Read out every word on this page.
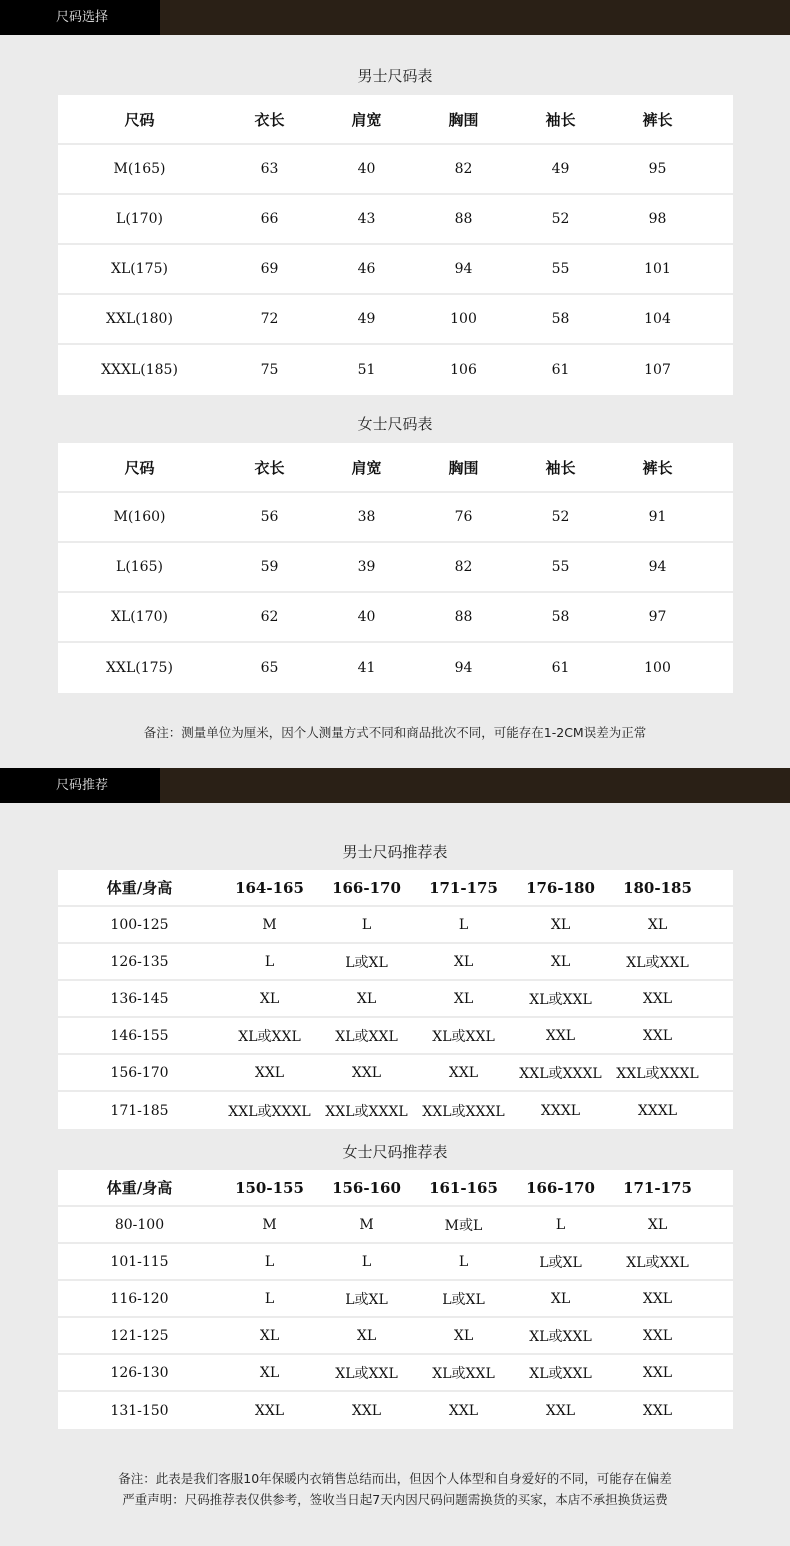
尺码选择
男士尺码表
尺码	衣长	肩宽	胸围	袖长	裤长
M(165)	63	40	82	49	95
L(170)	66	43	88	52	98
XL(175)	69	46	94	55	101
XXL(180)	72	49	100	58	104
XXXL(185)	75	51	106	61	107
女士尺码表
尺码	衣长	肩宽	胸围	袖长	裤长
M(160)	56	38	76	52	91
L(165)	59	39	82	55	94
XL(170)	62	40	88	58	97
XXL(175)	65	41	94	61	100
备注：测量单位为厘米，因个人测量方式不同和商品批次不同，可能存在1-2CM误差为正常
尺码推荐
男士尺码推荐表
体重/身高	164-165	166-170	171-175	176-180	180-185
100-125	M	L	L	XL	XL
126-135	L	L或XL	XL	XL	XL或XXL
136-145	XL	XL	XL	XL或XXL	XXL
146-155	XL或XXL	XL或XXL	XL或XXL	XXL	XXL
156-170	XXL	XXL	XXL	XXL或XXXL	XXL或XXXL
171-185	XXL或XXXL	XXL或XXXL	XXL或XXXL	XXXL	XXXL
女士尺码推荐表
体重/身高	150-155	156-160	161-165	166-170	171-175
80-100	M	M	M或L	L	XL
101-115	L	L	L	L或XL	XL或XXL
116-120	L	L或XL	L或XL	XL	XXL
121-125	XL	XL	XL	XL或XXL	XXL
126-130	XL	XL或XXL	XL或XXL	XL或XXL	XXL
131-150	XXL	XXL	XXL	XXL	XXL
备注：此表是我们客服10年保暖内衣销售总结而出，但因个人体型和自身爱好的不同，可能存在偏差
严重声明：尺码推荐表仅供参考，签收当日起7天内因尺码问题需换货的买家，本店不承担换货运费
